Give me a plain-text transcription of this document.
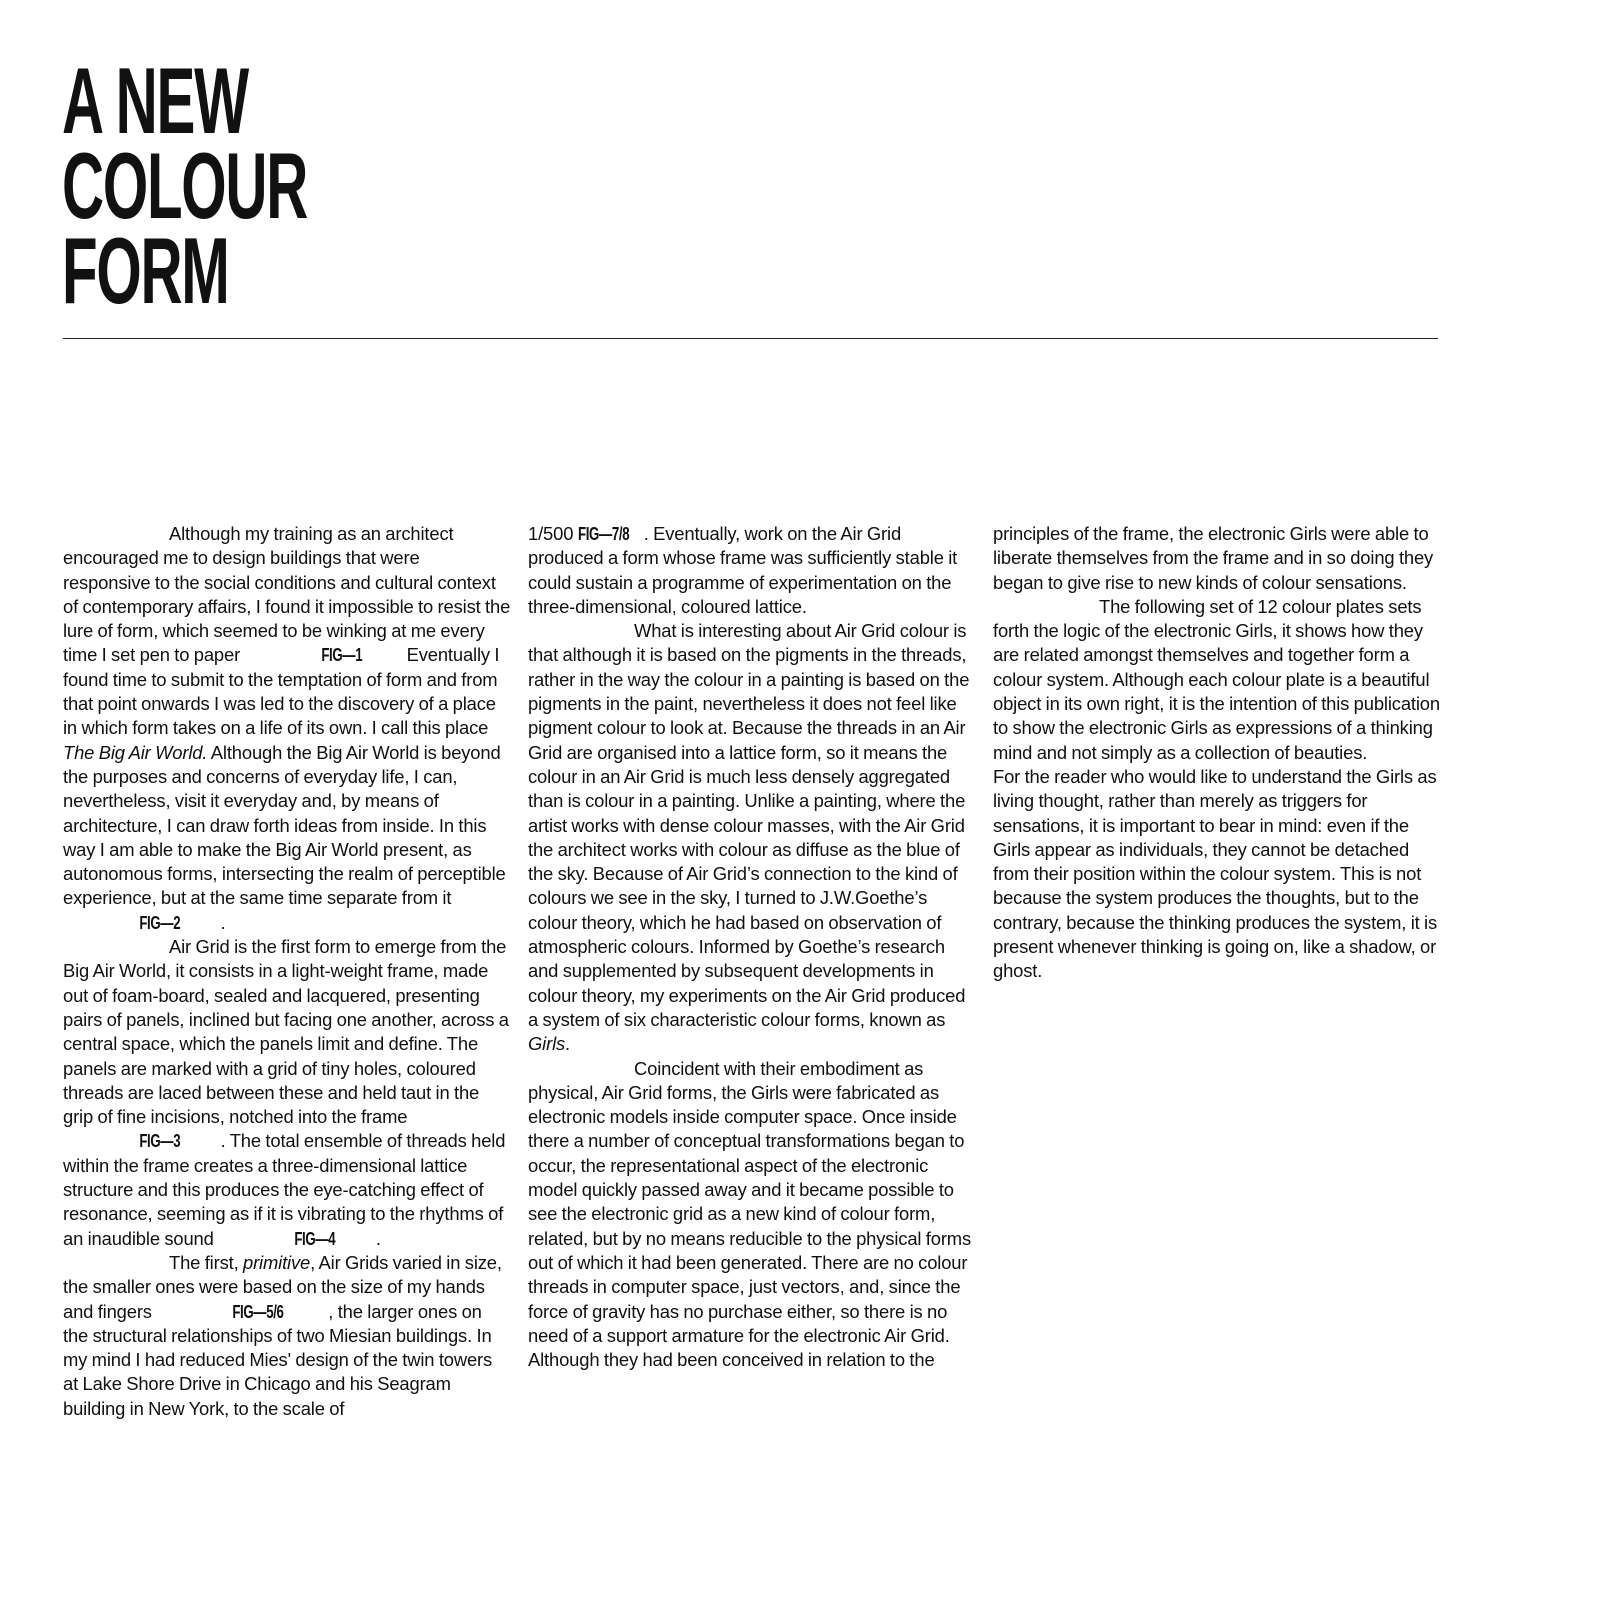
A NEW
COLOUR
FORM

Although my training as an architect encouraged me to design buildings that were responsive to the social conditions and cultural context of contemporary affairs, I found it impossible to resist the lure of form, which seemed to be winking at me every time I set pen to paper	FIG—1 Eventually I found time to submit to the temptation of form and from that point onwards I was led to the discovery of a place in which form takes on a life of its own. I call this place The Big Air World. Although the Big Air World is beyond the purposes and concerns of everyday life, I can, nevertheless, visit it everyday and, by means of architecture, I can draw forth ideas from inside. In this way I am able to make the Big Air World present, as autonomous forms, intersecting the realm of perceptible experience, but at the same time separate from it FIG—2 .

Air Grid is the first form to emerge from the Big Air World, it consists in a light-weight frame, made out of foam-board, sealed and lacquered, presenting pairs of panels, inclined but facing one another, across a central space, which the panels limit and define. The panels are marked with a grid of tiny holes, coloured threads are laced between these and held taut in the grip of fine incisions, notched into the frame FIG—3 . The total ensemble of threads held within the frame creates a three-dimensional lattice structure and this produces the eye-catching effect of resonance, seeming as if it is vibrating to the rhythms of an inaudible sound	FIG—4 .

The first, primitive, Air Grids varied in size, the smaller ones were based on the size of my hands and fingers	FIG—5/6 , the larger ones on the structural relationships of two Miesian buildings. In my mind I had reduced Mies' design of the twin towers at Lake Shore Drive in Chicago and his Seagram building in New York, to the scale of

1/500 FIG—7/8 . Eventually, work on the Air Grid produced a form whose frame was sufficiently stable it could sustain a programme of experimentation on the three-dimensional, coloured lattice.

What is interesting about Air Grid colour is that although it is based on the pigments in the threads, rather in the way the colour in a painting is based on the pigments in the paint, nevertheless it does not feel like pigment colour to look at. Because the threads in an Air Grid are organised into a lattice form, so it means the colour in an Air Grid is much less densely aggregated than is colour in a painting. Unlike a painting, where the artist works with dense colour masses, with the Air Grid the architect works with colour as diffuse as the blue of the sky. Because of Air Grid’s connection to the kind of colours we see in the sky, I turned to J.W.Goethe’s colour theory, which he had based on observation of atmospheric colours. Informed by Goethe’s research and supplemented by subsequent developments in colour theory, my experiments on the Air Grid produced a system of six characteristic colour forms, known as Girls.

Coincident with their embodiment as physical, Air Grid forms, the Girls were fabricated as electronic models inside computer space. Once inside there a number of conceptual transformations began to occur, the representational aspect of the electronic model quickly passed away and it became possible to see the electronic grid as a new kind of colour form, related, but by no means reducible to the physical forms out of which it had been generated. There are no colour threads in computer space, just vectors, and, since the force of gravity has no purchase either, so there is no need of a support armature for the electronic Air Grid. Although they had been conceived in relation to the

principles of the frame, the electronic Girls were able to liberate themselves from the frame and in so doing they began to give rise to new kinds of colour sensations.

The following set of 12 colour plates sets forth the logic of the electronic Girls, it shows how they are related amongst themselves and together form a colour system. Although each colour plate is a beautiful object in its own right, it is the intention of this publication to show the electronic Girls as expressions of a thinking mind and not simply as a collection of beauties.

For the reader who would like to understand the Girls as living thought, rather than merely as triggers for sensations, it is important to bear in mind: even if the Girls appear as individuals, they cannot be detached from their position within the colour system. This is not because the system produces the thoughts, but to the contrary, because the thinking produces the system, it is present whenever thinking is going on, like a shadow, or ghost.
